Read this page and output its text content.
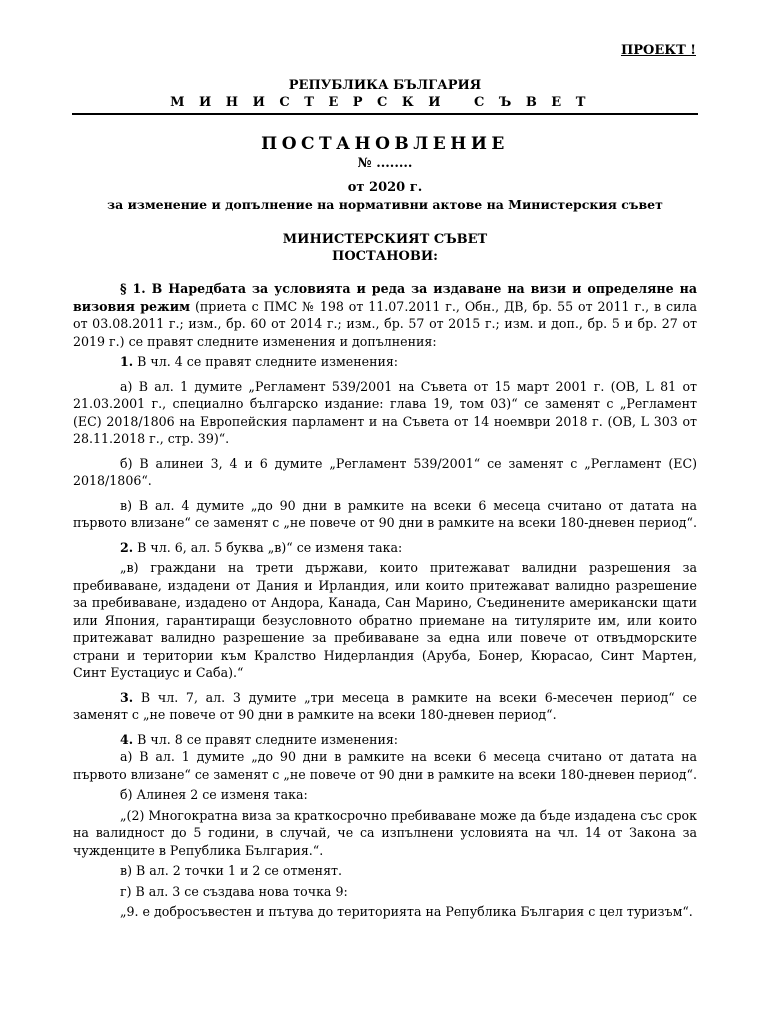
ПРОЕКТ !
РЕПУБЛИКА БЪЛГАРИЯ
МИНИСТЕРСКИ СЪВЕТ
ПОСТАНОВЛЕНИЕ
№ ........
от 2020 г.
за изменение и допълнение на нормативни актове на Министерския съвет
МИНИСТЕРСКИЯТ СЪВЕТ
ПОСТАНОВИ:

§ 1. В Наредбата за условията и реда за издаване на визи и определяне на визовия режим (приета с ПМС № 198 от 11.07.2011 г., Обн., ДВ, бр. 55 от 2011 г., в сила от 03.08.2011 г.; изм., бр. 60 от 2014 г.; изм., бр. 57 от 2015 г.; изм. и доп., бр. 5 и бр. 27 от 2019 г.) се правят следните изменения и допълнения:

1. В чл. 4 се правят следните изменения:

а) В ал. 1 думите „Регламент 539/2001 на Съвета от 15 март 2001 г. (ОВ, L 81 от 21.03.2001 г., специално българско издание: глава 19, том 03)“ се заменят с „Регламент (ЕС) 2018/1806 на Европейския парламент и на Съвета от 14 ноември 2018 г. (ОВ, L 303 от 28.11.2018 г., стр. 39)“.

б) В алинеи 3, 4 и 6 думите „Регламент 539/2001“ се заменят с „Регламент (ЕС) 2018/1806“.

в) В ал. 4 думите „до 90 дни в рамките на всеки 6 месеца считано от датата на първото влизане“ се заменят с „не повече от 90 дни в рамките на всеки 180-дневен период“.

2. В чл. 6, ал. 5 буква „в)“ се изменя така:

„в) граждани на трети държави, които притежават валидни разрешения за пребиваване, издадени от Дания и Ирландия, или които притежават валидно разрешение за пребиваване, издадено от Андора, Канада, Сан Марино, Съединените американски щати или Япония, гарантиращи безусловното обратно приемане на титулярите им, или които притежават валидно разрешение за пребиваване за една или повече от отвъдморските страни и територии към Кралство Нидерландия (Аруба, Бонер, Кюрасао, Синт Мартен, Синт Еустациус и Саба).“

3. В чл. 7, ал. 3 думите „три месеца в рамките на всеки 6-месечен период“ се заменят с „не повече от 90 дни в рамките на всеки 180-дневен период“.

4. В чл. 8 се правят следните изменения:

а) В ал. 1 думите „до 90 дни в рамките на всеки 6 месеца считано от датата на първото влизане“ се заменят с „не повече от 90 дни в рамките на всеки 180-дневен период“.

б) Алинея 2 се изменя така:

„(2) Многократна виза за краткосрочно пребиваване може да бъде издадена със срок на валидност до 5 години, в случай, че са изпълнени условията на чл. 14 от Закона за чужденците в Република България.“.

в) В ал. 2 точки 1 и 2 се отменят.

г) В ал. 3 се създава нова точка 9:

„9. е добросъвестен и пътува до територията на Република България с цел туризъм“.
